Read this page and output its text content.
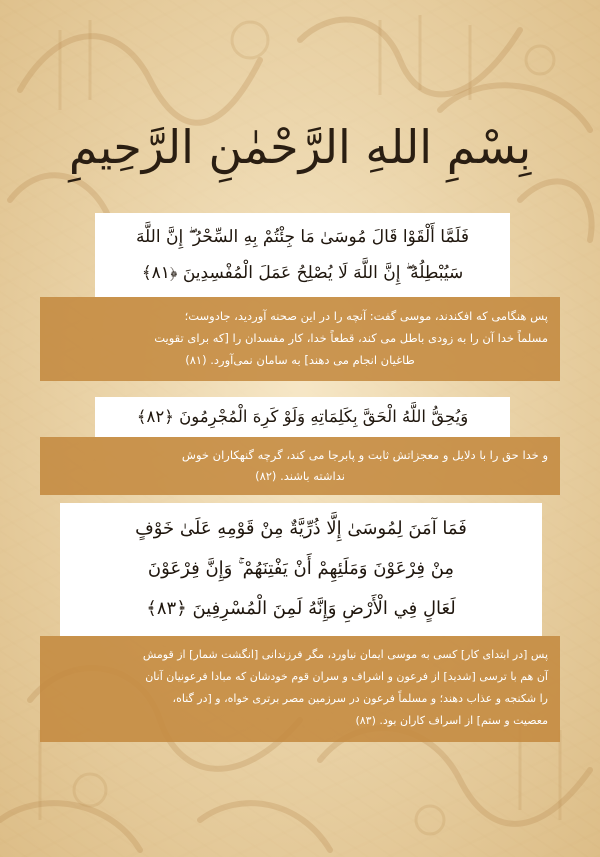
بِسْمِ اللهِ الرَّحْمٰنِ الرَّحِيمِ
فَلَمَّا أَلْقَوْا قَالَ مُوسَىٰ مَا جِئْتُمْ بِهِ السِّحْرُ ۖ إِنَّ اللَّهَ
سَيُبْطِلُهُ ۖ إِنَّ اللَّهَ لَا يُصْلِحُ عَمَلَ الْمُفْسِدِينَ ﴿٨١﴾
پس هنگامی که افکندند، موسی گفت: آنچه را در این صحنه آوردید، جادوست؛
مسلماً خدا آن را به زودی باطل می کند، قطعاً خدا، کار مفسدان را [که برای تقویت
طاغیان انجام می دهند] به سامان نمی‌آورد. (۸۱)
وَيُحِقُّ اللَّهُ الْحَقَّ بِكَلِمَاتِهِ وَلَوْ كَرِهَ الْمُجْرِمُونَ ﴿٨٢﴾
و خدا حق را با دلایل و معجزاتش ثابت و پابرجا می کند، گرچه گنهکاران خوش
نداشته باشند. (۸۲)
فَمَا آمَنَ لِمُوسَىٰ إِلَّا ذُرِّيَّةٌ مِنْ قَوْمِهِ عَلَىٰ خَوْفٍ
مِنْ فِرْعَوْنَ وَمَلَئِهِمْ أَنْ يَفْتِنَهُمْ ۚ وَإِنَّ فِرْعَوْنَ
لَعَالٍ فِي الْأَرْضِ وَإِنَّهُ لَمِنَ الْمُسْرِفِينَ ﴿٨٣﴾
پس [در ابتدای کار] کسی به موسی ایمان نیاورد، مگر فرزندانی [انگشت شمار] از قومش
آن هم با ترسی [شدید] از فرعون و اشراف و سران قوم خودشان که مبادا فرعونیان آنان
را شکنجه و عذاب دهند؛ و مسلماً فرعون در سرزمین مصر برتری خواه، و [در گناه،
معصیت و ستم] از اسراف کاران بود. (۸۳)
